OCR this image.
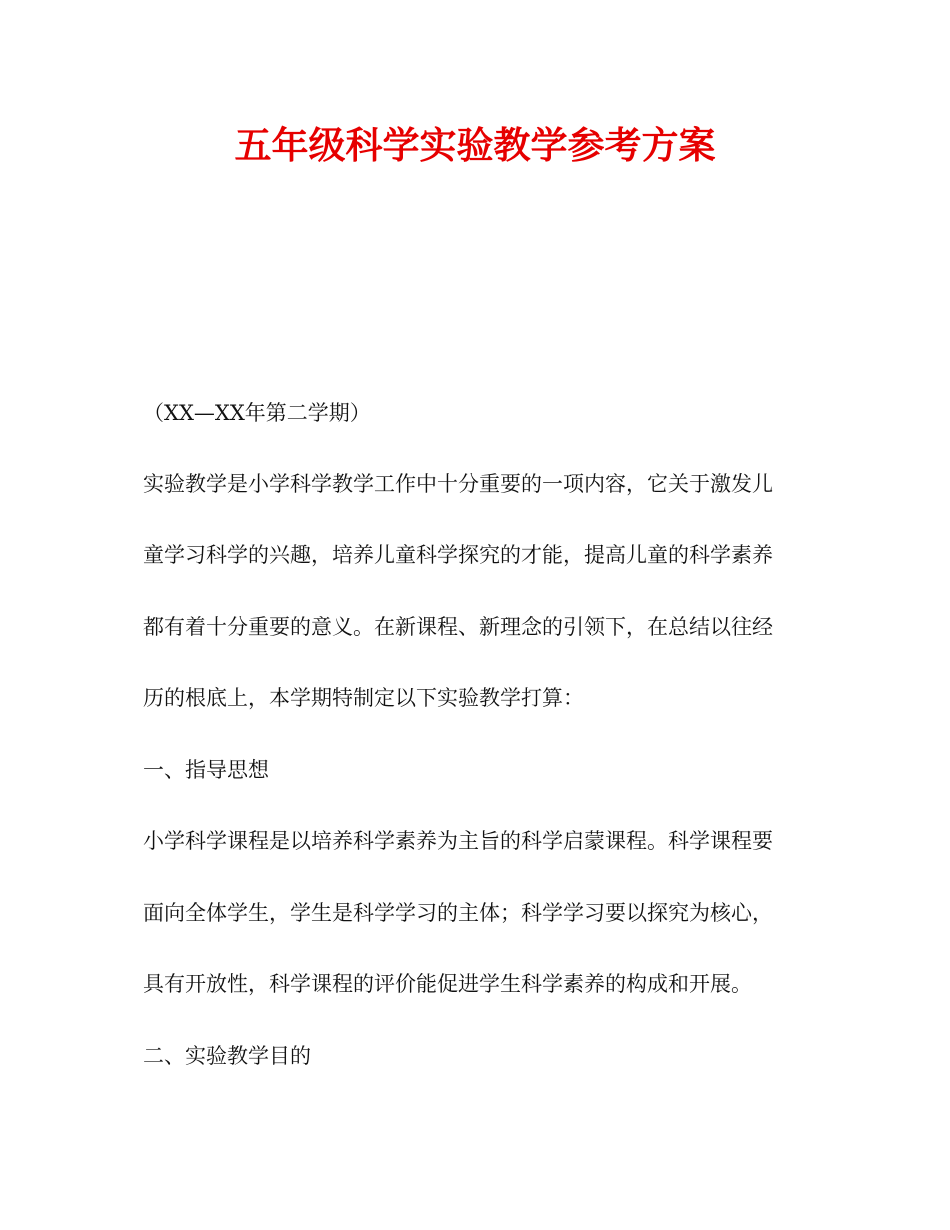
五年级科学实验教学参考方案
（XX—XX年第二学期）
实验教学是小学科学教学工作中十分重要的一项内容，它关于激发儿
童学习科学的兴趣，培养儿童科学探究的才能，提高儿童的科学素养
都有着十分重要的意义。在新课程、新理念的引领下，在总结以往经
历的根底上，本学期特制定以下实验教学打算：
一、指导思想
小学科学课程是以培养科学素养为主旨的科学启蒙课程。科学课程要
面向全体学生，学生是科学学习的主体；科学学习要以探究为核心，
具有开放性，科学课程的评价能促进学生科学素养的构成和开展。
二、实验教学目的
